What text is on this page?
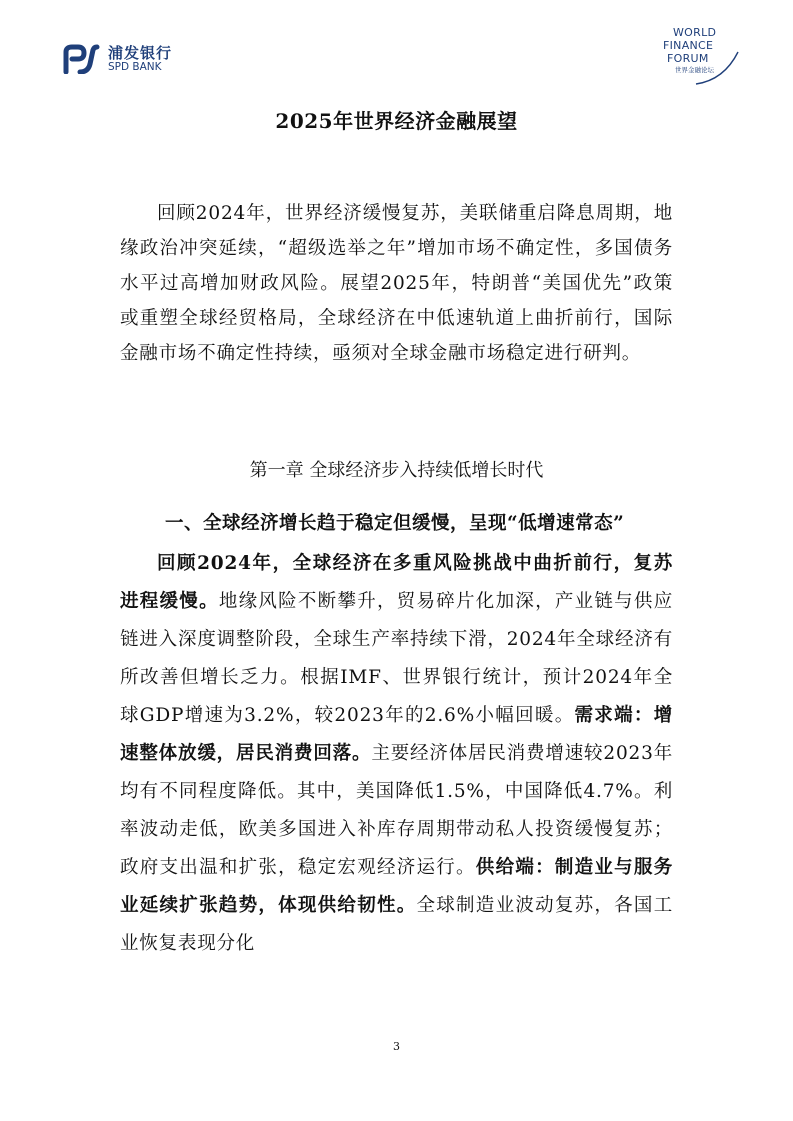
浦发银行
SPD BANK
WORLD
FINANCE
FORUM
世界金融论坛
2025年世界经济金融展望
回顾2024年，世界经济缓慢复苏，美联储重启降息周期，地缘政治冲突延续，“超级选举之年”增加市场不确定性，多国债务水平过高增加财政风险。展望2025年，特朗普“美国优先”政策或重塑全球经贸格局，全球经济在中低速轨道上曲折前行，国际金融市场不确定性持续，亟须对全球金融市场稳定进行研判。
第一章 全球经济步入持续低增长时代
一、全球经济增长趋于稳定但缓慢，呈现“低增速常态”
回顾2024年，全球经济在多重风险挑战中曲折前行，复苏进程缓慢。地缘风险不断攀升，贸易碎片化加深，产业链与供应链进入深度调整阶段，全球生产率持续下滑，2024年全球经济有所改善但增长乏力。根据IMF、世界银行统计，预计2024年全球GDP增速为3.2%，较2023年的2.6%小幅回暖。需求端：增速整体放缓，居民消费回落。主要经济体居民消费增速较2023年均有不同程度降低。其中，美国降低1.5%，中国降低4.7%。利率波动走低，欧美多国进入补库存周期带动私人投资缓慢复苏；政府支出温和扩张，稳定宏观经济运行。供给端：制造业与服务业延续扩张趋势，体现供给韧性。全球制造业波动复苏，各国工业恢复表现分化
3
